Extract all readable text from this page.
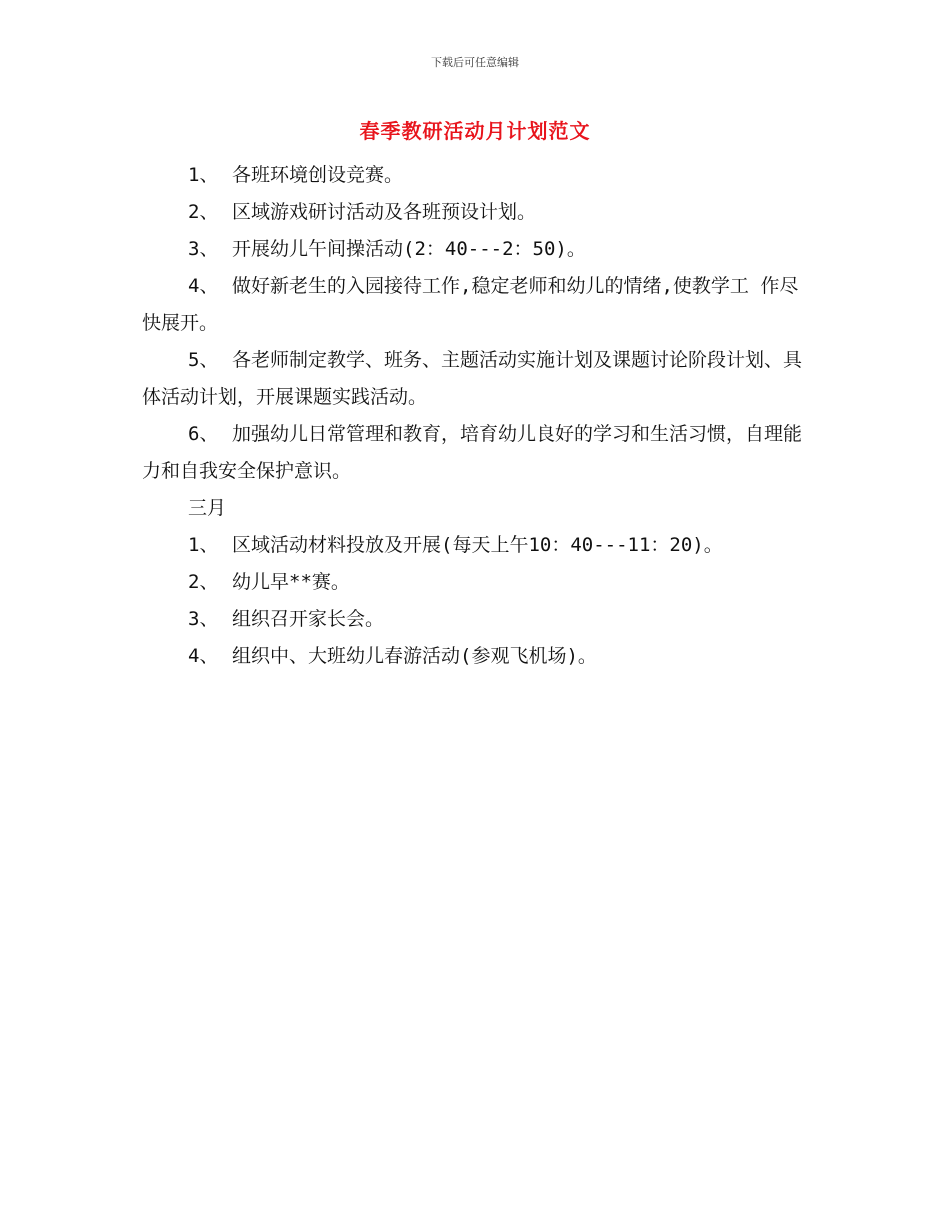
下载后可任意编辑
春季教研活动月计划范文

1、 各班环境创设竞赛。

2、 区域游戏研讨活动及各班预设计划。

3、 开展幼儿午间操活动(2：40---2：50)。

4、 做好新老生的入园接待工作,稳定老师和幼儿的情绪,使教学工 作尽快展开。

5、 各老师制定教学、班务、主题活动实施计划及课题讨论阶段计划、具体活动计划，开展课题实践活动。

6、 加强幼儿日常管理和教育，培育幼儿良好的学习和生活习惯，自理能力和自我安全保护意识。

三月

1、 区域活动材料投放及开展(每天上午10：40---11：20)。

2、 幼儿早**赛。

3、 组织召开家长会。

4、 组织中、大班幼儿春游活动(参观飞机场)。
